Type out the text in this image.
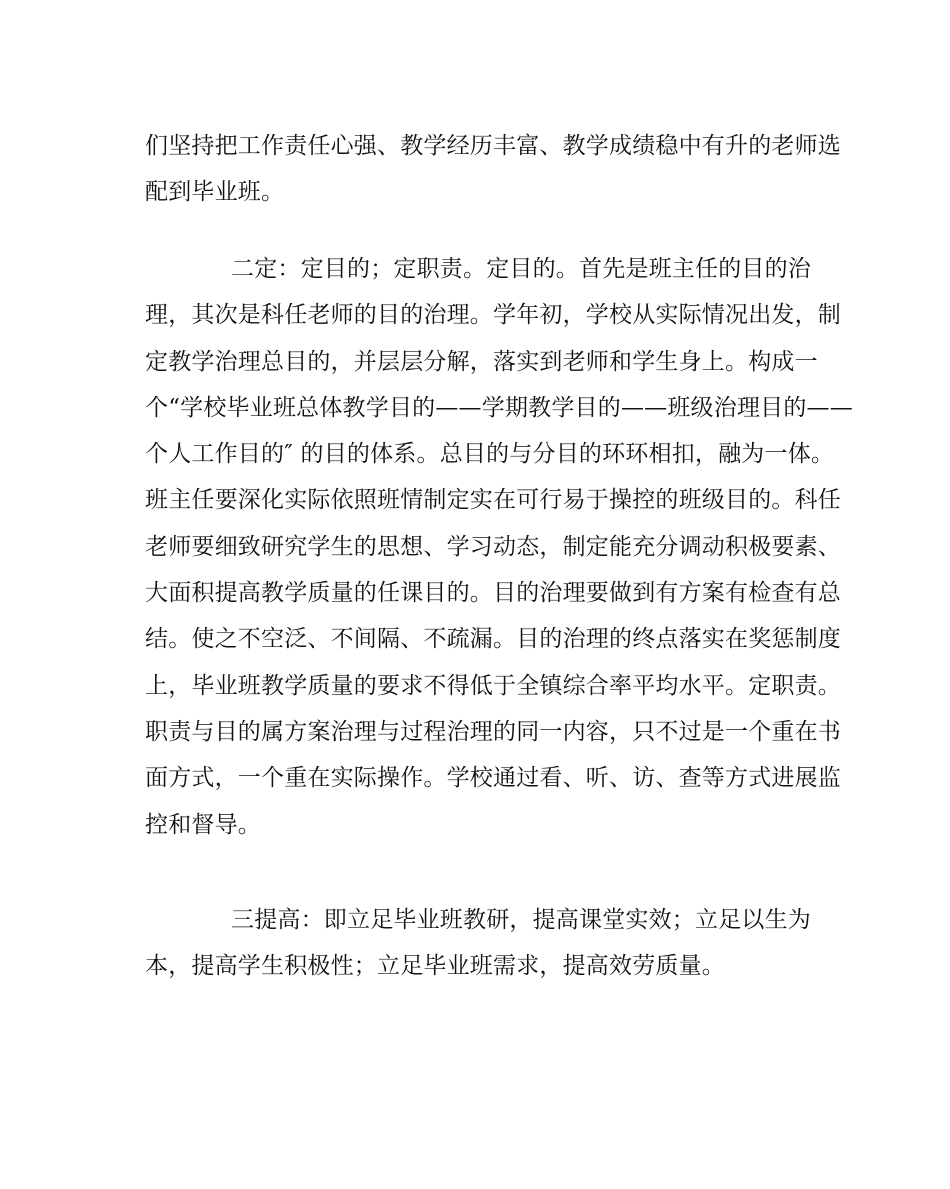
们坚持把工作责任心强、教学经历丰富、教学成绩稳中有升的老师选
配到毕业班。
二定：定目的；定职责。定目的。首先是班主任的目的治
理，其次是科任老师的目的治理。学年初，学校从实际情况出发，制
定教学治理总目的，并层层分解，落实到老师和学生身上。构成一
个“学校毕业班总体教学目的——学期教学目的——班级治理目的——
个人工作目的″ 的目的体系。总目的与分目的环环相扣，融为一体。
班主任要深化实际依照班情制定实在可行易于操控的班级目的。科任
老师要细致研究学生的思想、学习动态，制定能充分调动积极要素、
大面积提高教学质量的任课目的。目的治理要做到有方案有检查有总
结。使之不空泛、不间隔、不疏漏。目的治理的终点落实在奖惩制度
上，毕业班教学质量的要求不得低于全镇综合率平均水平。定职责。
职责与目的属方案治理与过程治理的同一内容，只不过是一个重在书
面方式，一个重在实际操作。学校通过看、听、访、查等方式进展监
控和督导。
三提高：即立足毕业班教研，提高课堂实效；立足以生为
本，提高学生积极性；立足毕业班需求，提高效劳质量。
